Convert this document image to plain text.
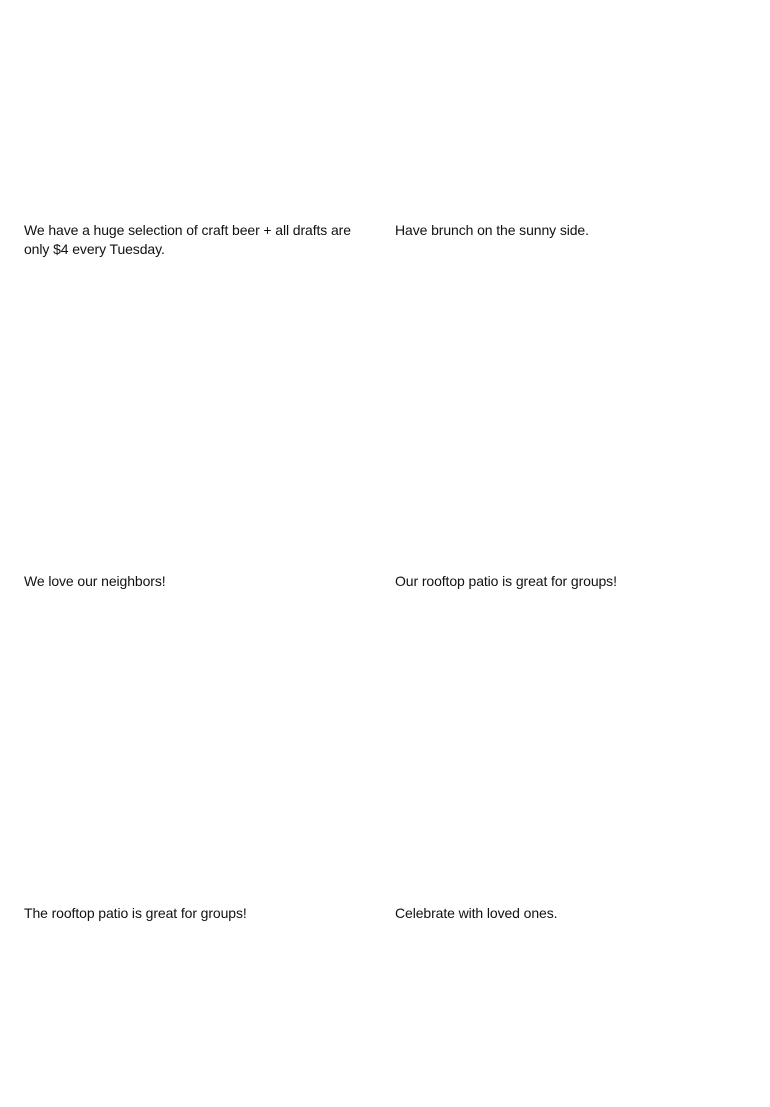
We have a huge selection of craft beer + all drafts are only $4 every Tuesday.

Have brunch on the sunny side.

We love our neighbors!	Our rooftop patio is great for groups!

The rooftop patio is great for groups!	Celebrate with loved ones.
